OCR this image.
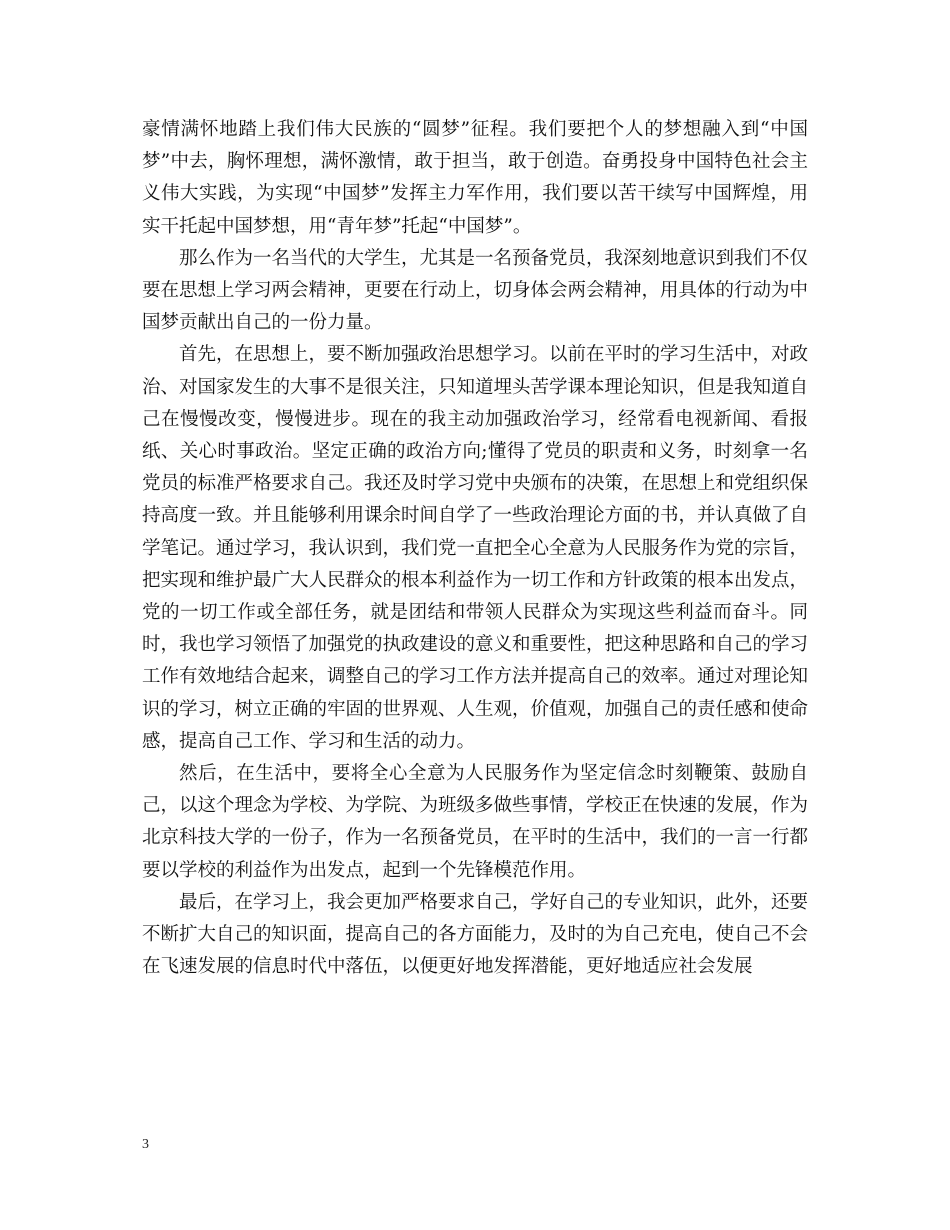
豪情满怀地踏上我们伟大民族的“圆梦”征程。我们要把个人的梦想融入到“中国梦”中去，胸怀理想，满怀激情，敢于担当，敢于创造。奋勇投身中国特色社会主义伟大实践，为实现“中国梦”发挥主力军作用，我们要以苦干续写中国辉煌，用实干托起中国梦想，用“青年梦”托起“中国梦”。

那么作为一名当代的大学生，尤其是一名预备党员，我深刻地意识到我们不仅要在思想上学习两会精神，更要在行动上，切身体会两会精神，用具体的行动为中国梦贡献出自己的一份力量。

首先，在思想上，要不断加强政治思想学习。以前在平时的学习生活中，对政治、对国家发生的大事不是很关注，只知道埋头苦学课本理论知识，但是我知道自己在慢慢改变，慢慢进步。现在的我主动加强政治学习，经常看电视新闻、看报纸、关心时事政治。坚定正确的政治方向;懂得了党员的职责和义务，时刻拿一名党员的标准严格要求自己。我还及时学习党中央颁布的决策，在思想上和党组织保持高度一致。并且能够利用课余时间自学了一些政治理论方面的书，并认真做了自学笔记。通过学习，我认识到，我们党一直把全心全意为人民服务作为党的宗旨，把实现和维护最广大人民群众的根本利益作为一切工作和方针政策的根本出发点，党的一切工作或全部任务，就是团结和带领人民群众为实现这些利益而奋斗。同时，我也学习领悟了加强党的执政建设的意义和重要性，把这种思路和自己的学习工作有效地结合起来，调整自己的学习工作方法并提高自己的效率。通过对理论知识的学习，树立正确的牢固的世界观、人生观，价值观，加强自己的责任感和使命感，提高自己工作、学习和生活的动力。

然后，在生活中，要将全心全意为人民服务作为坚定信念时刻鞭策、鼓励自己，以这个理念为学校、为学院、为班级多做些事情，学校正在快速的发展，作为北京科技大学的一份子，作为一名预备党员，在平时的生活中，我们的一言一行都要以学校的利益作为出发点，起到一个先锋模范作用。

最后，在学习上，我会更加严格要求自己，学好自己的专业知识，此外，还要不断扩大自己的知识面，提高自己的各方面能力，及时的为自己充电，使自己不会在飞速发展的信息时代中落伍，以便更好地发挥潜能，更好地适应社会发展

3
